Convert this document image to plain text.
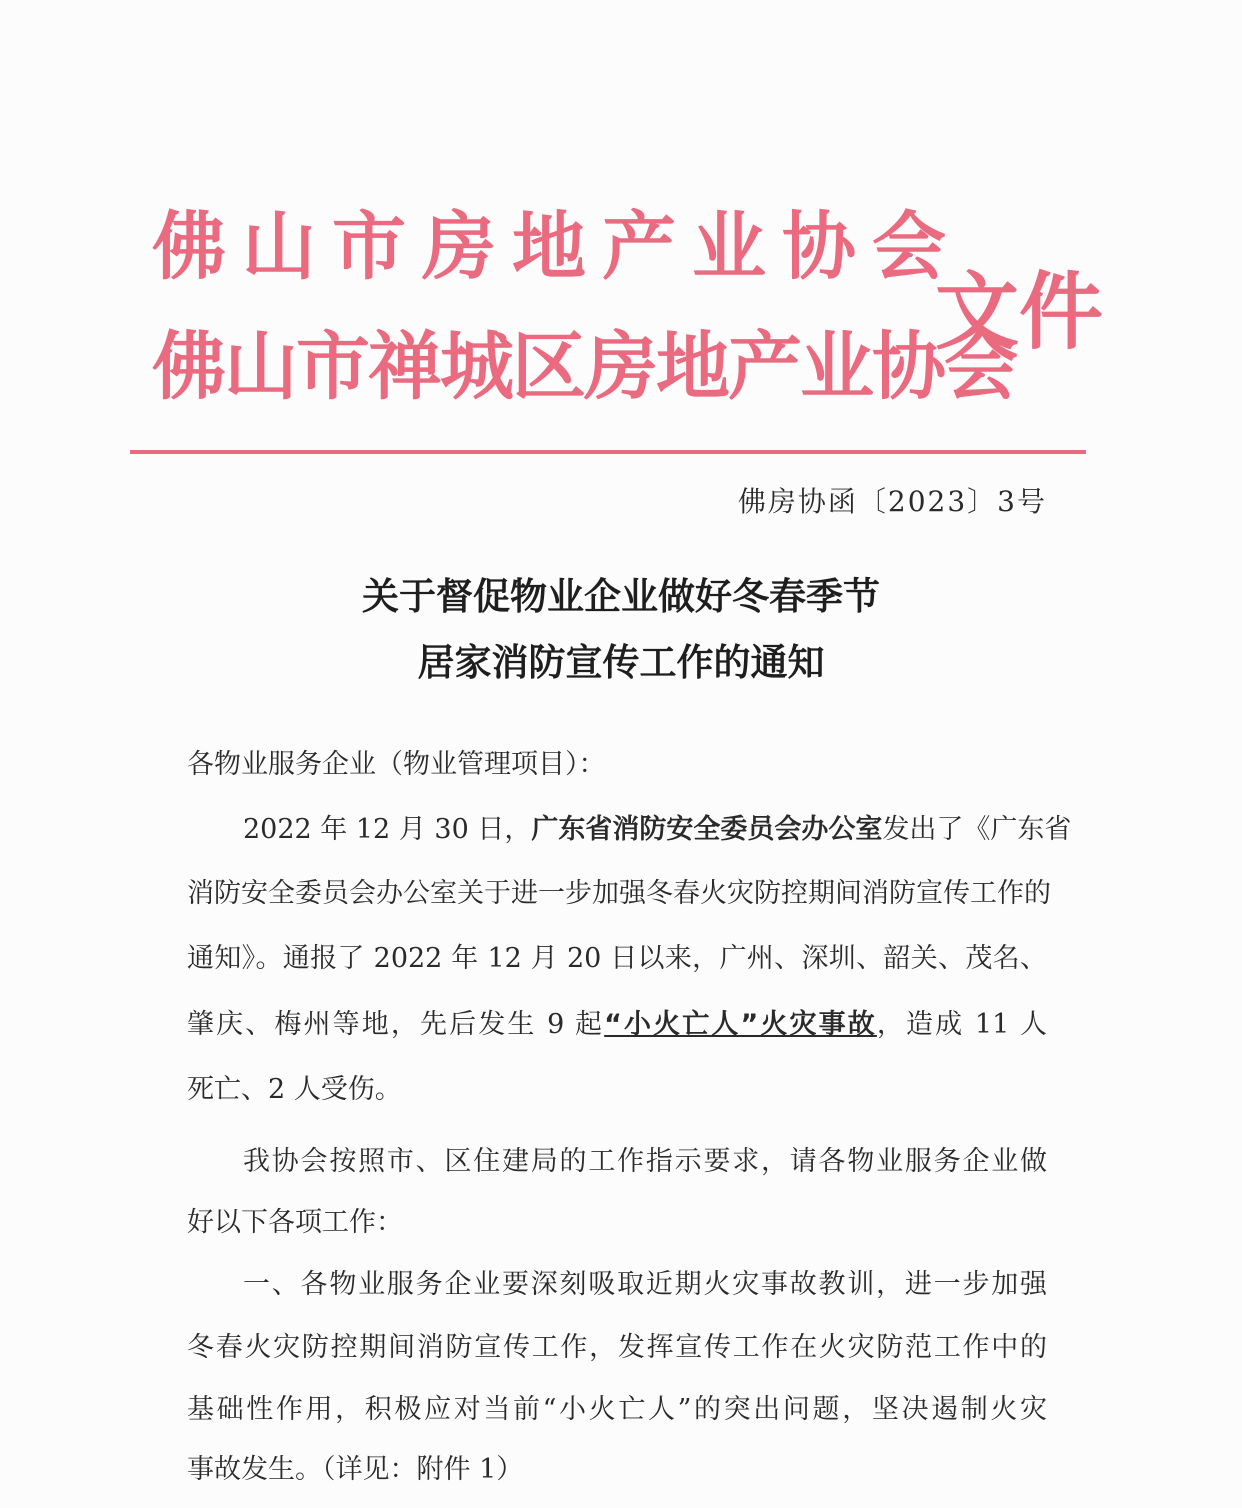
佛山市房地产业协会
佛山市禅城区房地产业协会
文件
佛房协函〔2023〕3号
关于督促物业企业做好冬春季节
居家消防宣传工作的通知
各物业服务企业（物业管理项目）：
2022 年 12 月 30 日，广东省消防安全委员会办公室发出了《广东省
消防安全委员会办公室关于进一步加强冬春火灾防控期间消防宣传工作的
通知》。通报了 2022 年 12 月 20 日以来，广州、深圳、韶关、茂名、
肇庆、梅州等地，先后发生 9 起“小火亡人”火灾事故，造成 11 人
死亡、2 人受伤。
我协会按照市、区住建局的工作指示要求，请各物业服务企业做
好以下各项工作：
一、各物业服务企业要深刻吸取近期火灾事故教训，进一步加强
冬春火灾防控期间消防宣传工作，发挥宣传工作在火灾防范工作中的
基础性作用，积极应对当前“小火亡人”的突出问题，坚决遏制火灾
事故发生。（详见：附件 1）
